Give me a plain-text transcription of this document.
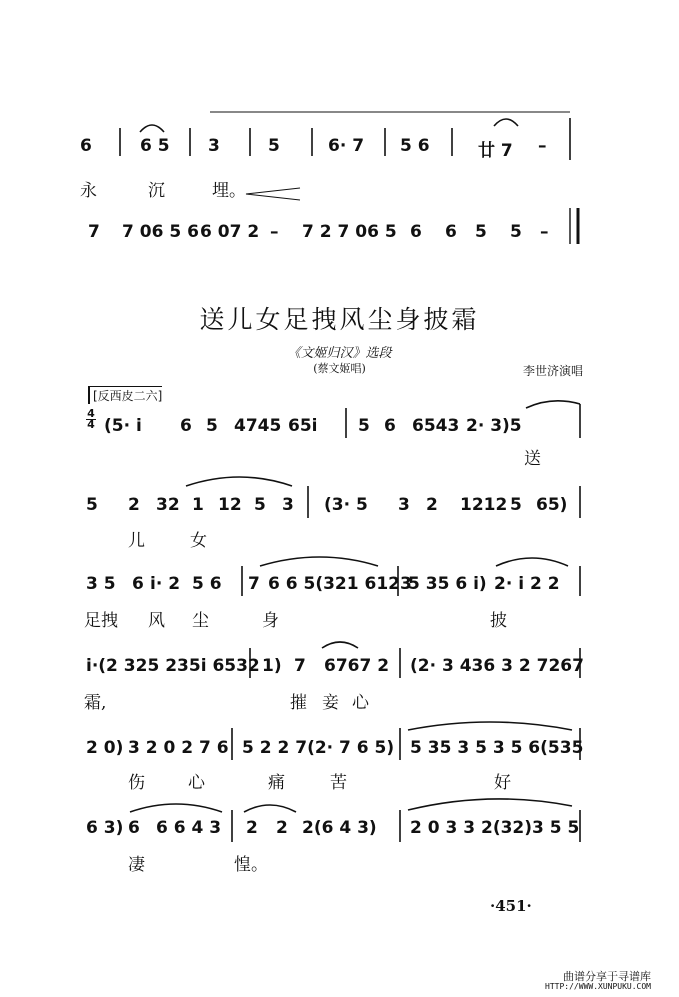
6	6 5 3	5	6· 7 5 6	廿 7 –
永	沉	埋。
7 7 06 5 6 6 07 2 – 7 2 7 06 5 6 6 5 5 –
送儿女足拽风尘身披霜
《文姬归汉》选段
(蔡文姬唱)	李世济演唱
[反西皮二六]
4
4 (5· i 6 5 4745 65i 5 6 6543 2· 3)5
送
5 2 32 1 12 5 3 (3· 5 3 2 1212 5 65)
儿	女
3 5 6 i· 2 5 6 7 6 6 5(321 6123
5 35 6 i) 2· i 2 2
足拽 风 尘	身	披
i·(2 325 235i 6532 1) 7 6767 2 (2· 3 436 3 2 7267
霜,	摧 妾 心
2 0) 3 2 0 2 7 6 5 2 2 7(2· 7 6 5) 5 35 3 5 3 5 6(535
伤	心	痛	苦	好
6 3) 6 6 6 4 3 2 2 2(6 4 3) 2 0 3 3 2(32)3 5 5
凄	惶。
·451·
曲谱分享于寻谱库
HTTP://WWW.XUNPUKU.COM
